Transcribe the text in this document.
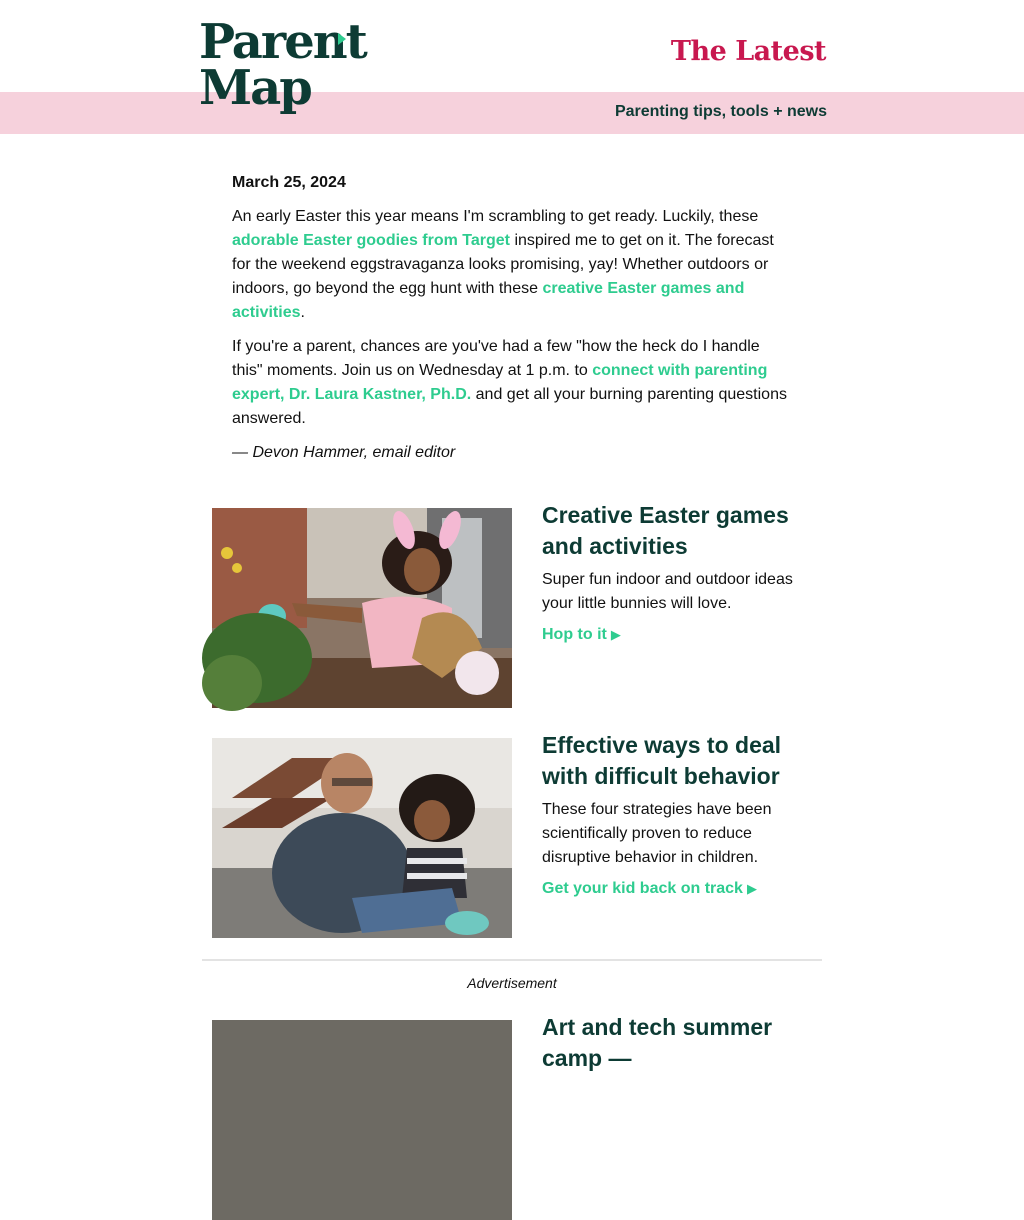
Parent
Map
The Latest
Parenting tips, tools + news
March 25, 2024

An early Easter this year means I'm scrambling to get ready. Luckily, these adorable Easter goodies from Target inspired me to get on it. The forecast for the weekend eggstravaganza looks promising, yay! Whether outdoors or indoors, go beyond the egg hunt with these creative Easter games and activities.

If you're a parent, chances are you've had a few "how the heck do I handle this" moments. Join us on Wednesday at 1 p.m. to connect with parenting expert, Dr. Laura Kastner, Ph.D. and get all your burning parenting questions answered.

— Devon Hammer, email editor

Creative Easter games and activities
Super fun indoor and outdoor ideas your little bunnies will love.
Hop to it ▶
Effective ways to deal with difficult behavior
These four strategies have been scientifically proven to reduce disruptive behavior in children.
Get your kid back on track ▶
Advertisement
Art and tech summer camp —
